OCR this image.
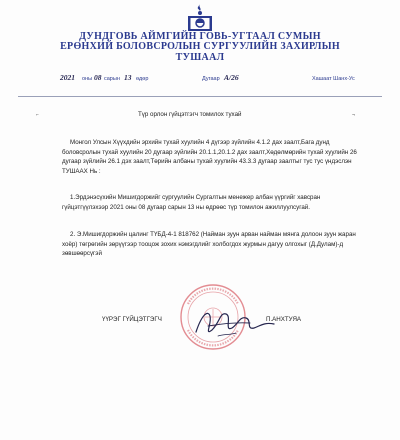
ДУНДГОВЬ АЙМГИЙН ГОВЬ-УГТААЛ СУМЫН
ЕРӨНХИЙ БОЛОВСРОЛЫН СУРГУУЛИЙН ЗАХИРЛЫН
ТУШААЛ
2021 оны 08 сарын 13 өдөр	Дугаар А/26	Хашаат Шанх-Ус
Түр орлон гүйцэтгэгч томилох тухай
⌐	¬
Монгол Улсын Хүүхдийн эрхийн тухай хуулийн 4 дүгээр зүйлийн 4.1.2 дах заалт,Бага дунд боловсролын тухай хуулийн 20 дугаар зүйлийн 20.1.1,20.1.2 дах заалт,Хөдөлмөрийн тухай хуулийн 26 дугаар зүйлийн 26.1 дэх заалт,Төрийн албаны тухай хуулийн 43.3.3 дугаар заалтыг тус тус үндэслэн ТУШААХ Нь :
1.Эрдэнэсүхийн Мишигдоржийг сургуулийн Сургалтын менежер албан үүргийг хавсран гүйцэтгүүлэхээр 2021 оны 08 дугаар сарын 13 ны өдрөөс түр томилон ажиллуулсугай.
2. Э.Мишигдоржийн цалинг ТҮБД-4-1 818762 (Найман зуун арван найман мянга долоон зуун жаран хоёр) төгрөгийн зөрүүгээр тооцож зохих нэмэгдлийг холбогдох журмын дагуу олгохыг (Д.Дулам)-д зөвшөөрсүгэй
ҮҮРЭГ ГҮЙЦЭТГЭГЧ	П.АНХТУЯА
